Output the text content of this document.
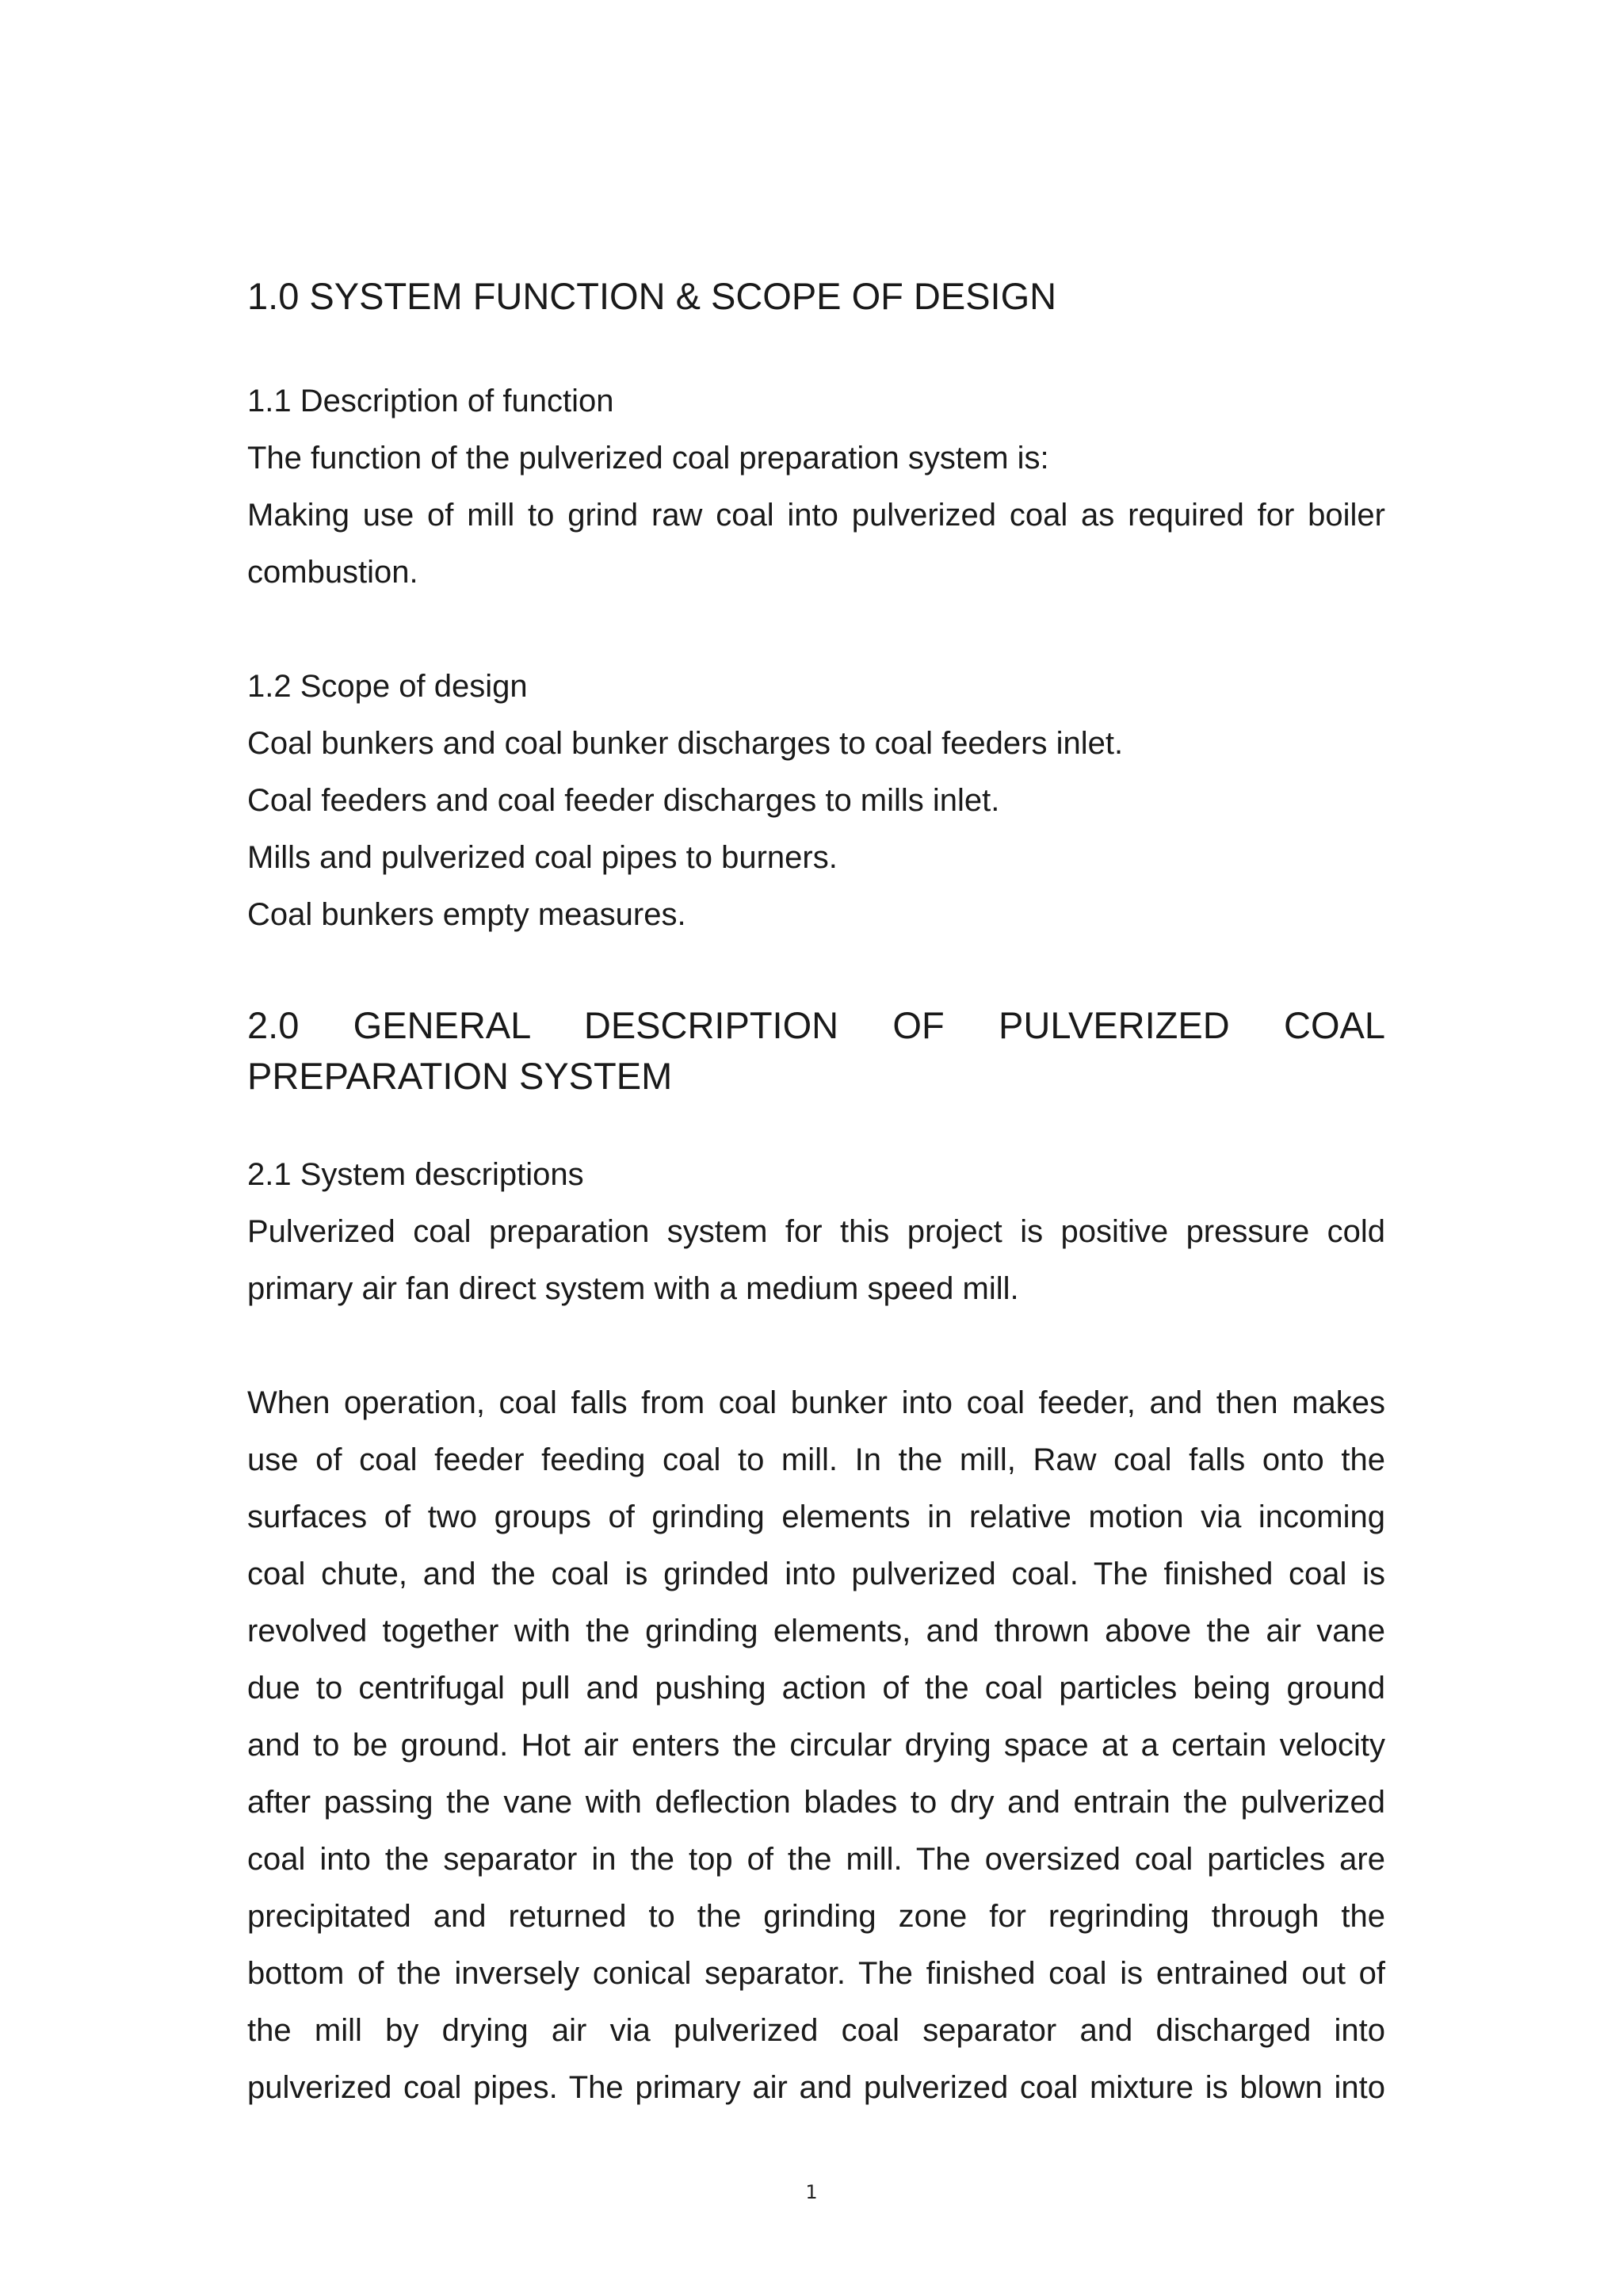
1.0 SYSTEM FUNCTION & SCOPE OF DESIGN
1.1 Description of function
The function of the pulverized coal preparation system is:
Making use of mill to grind raw coal into pulverized coal as required for boiler
combustion.
1.2 Scope of design
Coal bunkers and coal bunker discharges to coal feeders inlet.
Coal feeders and coal feeder discharges to mills inlet.
Mills and pulverized coal pipes to burners.
Coal bunkers empty measures.
2.0 GENERAL DESCRIPTION OF PULVERIZED COAL
PREPARATION SYSTEM
2.1 System descriptions
Pulverized coal preparation system for this project is positive pressure cold
primary air fan direct system with a medium speed mill.
When operation, coal falls from coal bunker into coal feeder, and then makes
use of coal feeder feeding coal to mill. In the mill, Raw coal falls onto the
surfaces of two groups of grinding elements in relative motion via incoming
coal chute, and the coal is grinded into pulverized coal. The finished coal is
revolved together with the grinding elements, and thrown above the air vane
due to centrifugal pull and pushing action of the coal particles being ground
and to be ground. Hot air enters the circular drying space at a certain velocity
after passing the vane with deflection blades to dry and entrain the pulverized
coal into the separator in the top of the mill. The oversized coal particles are
precipitated and returned to the grinding zone for regrinding through the
bottom of the inversely conical separator. The finished coal is entrained out of
the mill by drying air via pulverized coal separator and discharged into
pulverized coal pipes. The primary air and pulverized coal mixture is blown into
1
